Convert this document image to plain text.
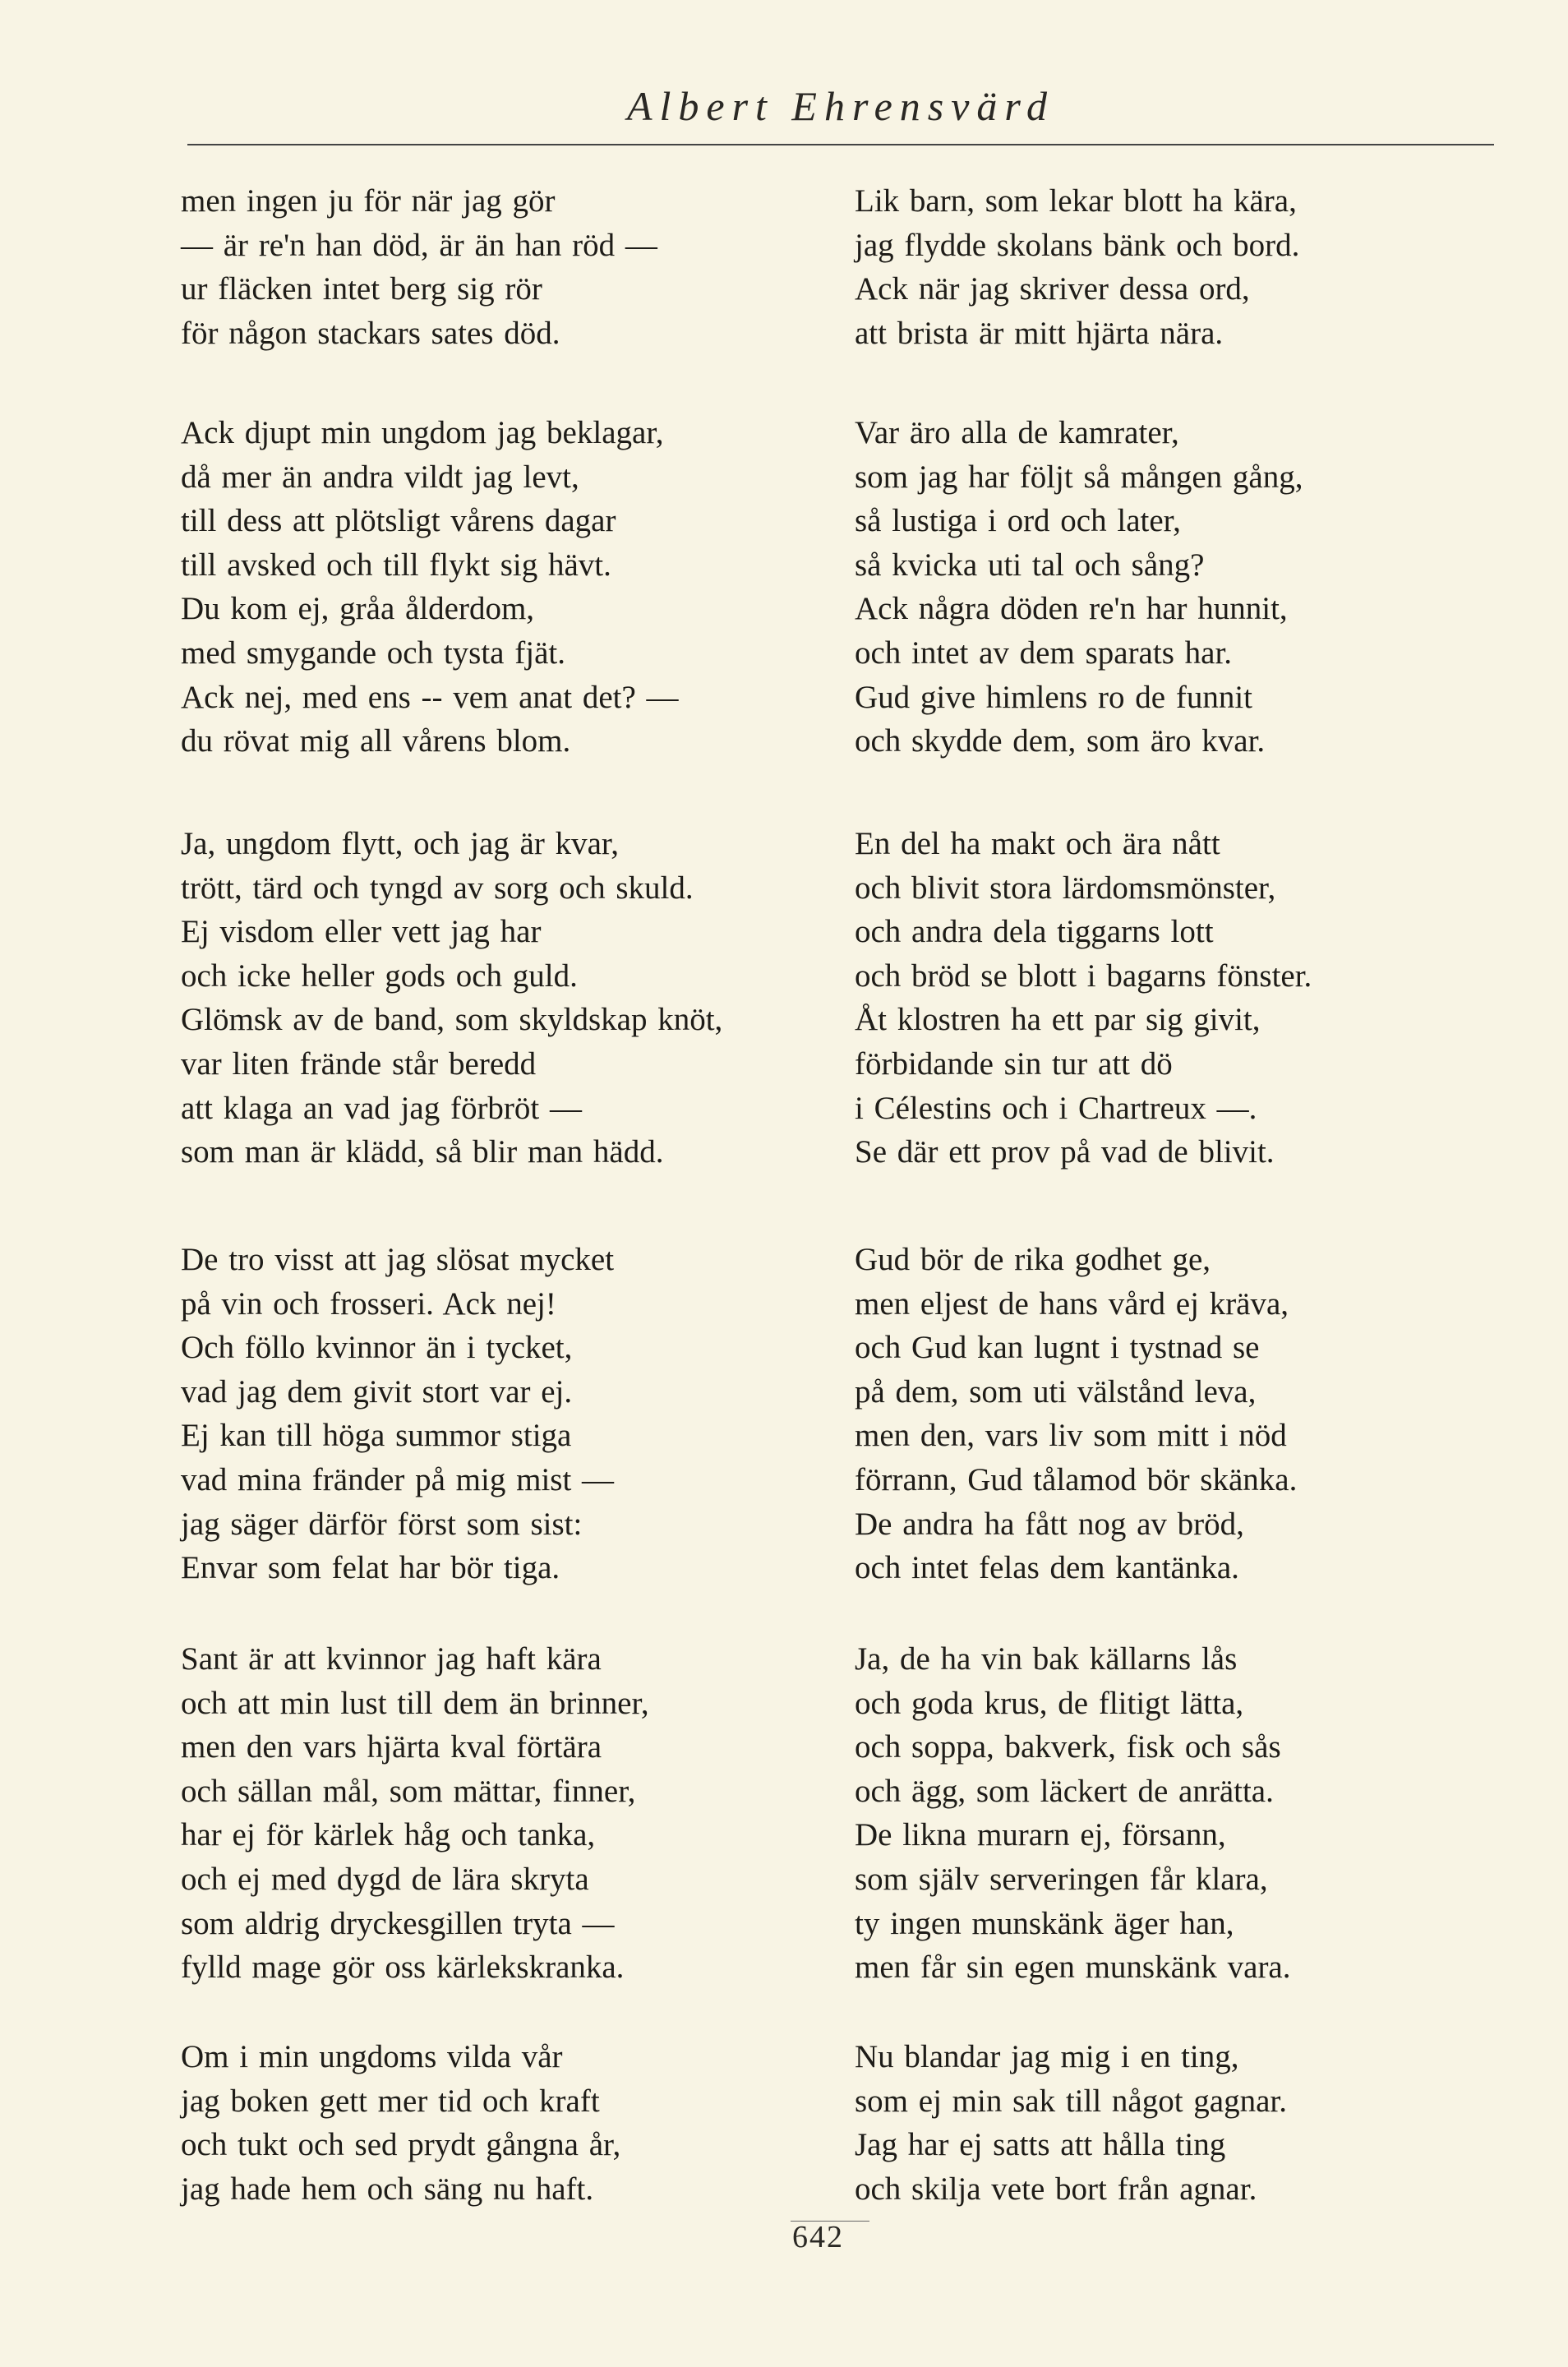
Albert Ehrensvärd
men ingen ju för när jag gör
— är re'n han död, är än han röd —
ur fläcken intet berg sig rör
för någon stackars sates död.
Ack djupt min ungdom jag beklagar,
då mer än andra vildt jag levt,
till dess att plötsligt vårens dagar
till avsked och till flykt sig hävt.
Du kom ej, gråa ålderdom,
med smygande och tysta fjät.
Ack nej, med ens -- vem anat det? —
du rövat mig all vårens blom.
Ja, ungdom flytt, och jag är kvar,
trött, tärd och tyngd av sorg och skuld.
Ej visdom eller vett jag har
och icke heller gods och guld.
Glömsk av de band, som skyldskap knöt,
var liten frände står beredd
att klaga an vad jag förbröt —
som man är klädd, så blir man hädd.
De tro visst att jag slösat mycket
på vin och frosseri. Ack nej!
Och föllo kvinnor än i tycket,
vad jag dem givit stort var ej.
Ej kan till höga summor stiga
vad mina fränder på mig mist —
jag säger därför först som sist:
Envar som felat har bör tiga.
Sant är att kvinnor jag haft kära
och att min lust till dem än brinner,
men den vars hjärta kval förtära
och sällan mål, som mättar, finner,
har ej för kärlek håg och tanka,
och ej med dygd de lära skryta
som aldrig dryckesgillen tryta —
fylld mage gör oss kärlekskranka.
Om i min ungdoms vilda vår
jag boken gett mer tid och kraft
och tukt och sed prydt gångna år,
jag hade hem och säng nu haft.
Lik barn, som lekar blott ha kära,
jag flydde skolans bänk och bord.
Ack när jag skriver dessa ord,
att brista är mitt hjärta nära.
Var äro alla de kamrater,
som jag har följt så mången gång,
så lustiga i ord och later,
så kvicka uti tal och sång?
Ack några döden re'n har hunnit,
och intet av dem sparats har.
Gud give himlens ro de funnit
och skydde dem, som äro kvar.
En del ha makt och ära nått
och blivit stora lärdomsmönster,
och andra dela tiggarns lott
och bröd se blott i bagarns fönster.
Åt klostren ha ett par sig givit,
förbidande sin tur att dö
i Célestins och i Chartreux —.
Se där ett prov på vad de blivit.
Gud bör de rika godhet ge,
men eljest de hans vård ej kräva,
och Gud kan lugnt i tystnad se
på dem, som uti välstånd leva,
men den, vars liv som mitt i nöd
förrann, Gud tålamod bör skänka.
De andra ha fått nog av bröd,
och intet felas dem kantänka.
Ja, de ha vin bak källarns lås
och goda krus, de flitigt lätta,
och soppa, bakverk, fisk och sås
och ägg, som läckert de anrätta.
De likna murarn ej, försann,
som själv serveringen får klara,
ty ingen munskänk äger han,
men får sin egen munskänk vara.
Nu blandar jag mig i en ting,
som ej min sak till något gagnar.
Jag har ej satts att hålla ting
och skilja vete bort från agnar.
642
